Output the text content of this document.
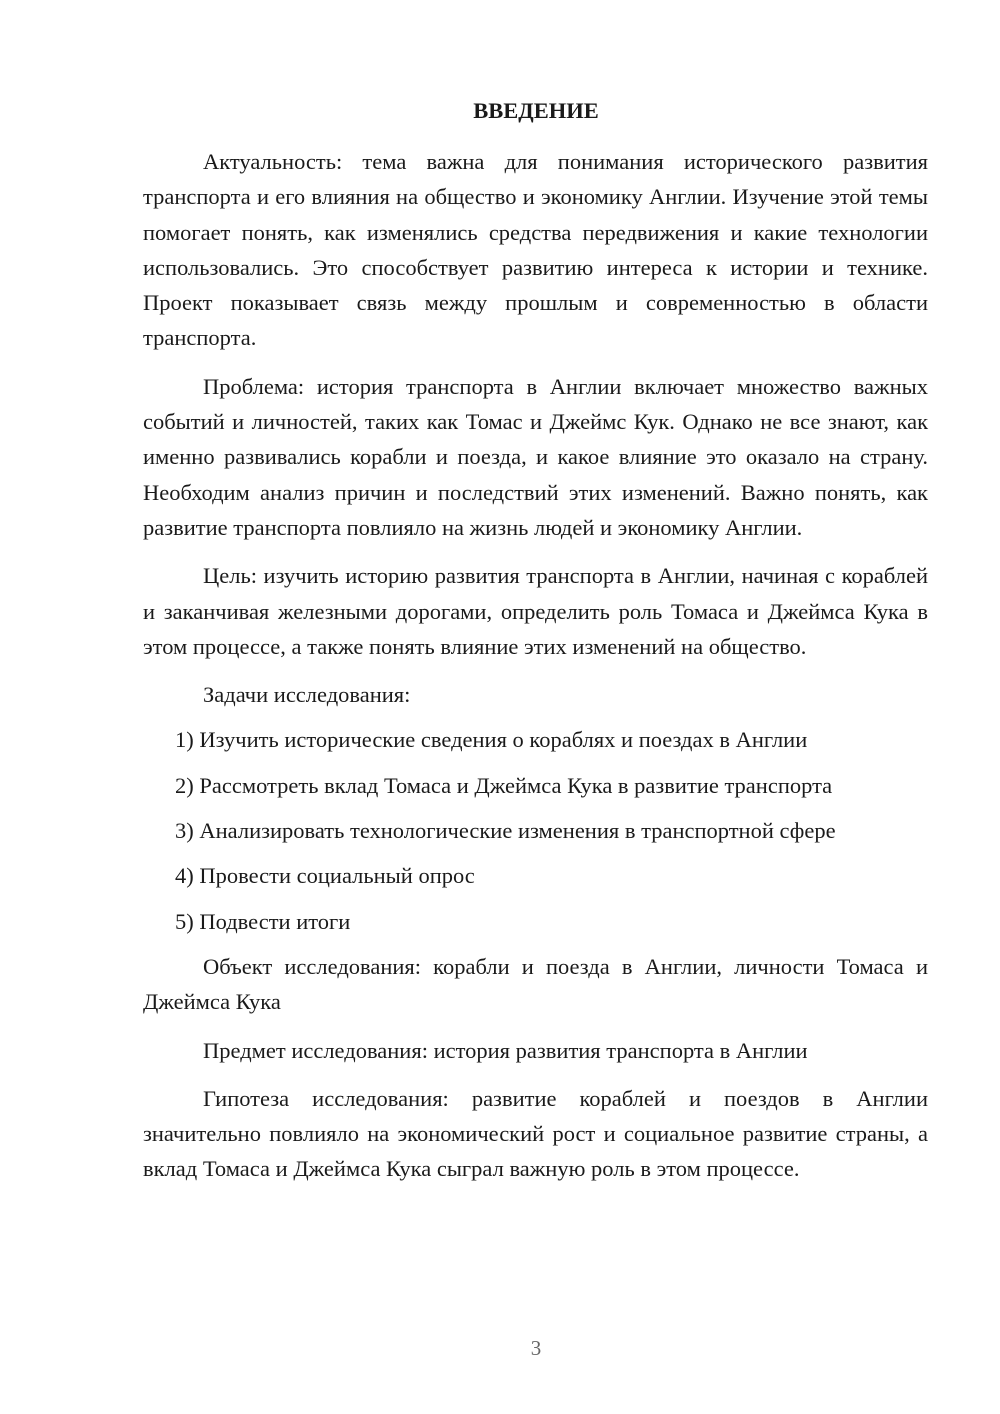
ВВЕДЕНИЕ

Актуальность: тема важна для понимания исторического развития транспорта и его влияния на общество и экономику Англии. Изучение этой темы помогает понять, как изменялись средства передвижения и какие технологии использовались. Это способствует развитию интереса к истории и технике. Проект показывает связь между прошлым и современностью в области транспорта.

Проблема: история транспорта в Англии включает множество важных событий и личностей, таких как Томас и Джеймс Кук. Однако не все знают, как именно развивались корабли и поезда, и какое влияние это оказало на страну. Необходим анализ причин и последствий этих изменений. Важно понять, как развитие транспорта повлияло на жизнь людей и экономику Англии.

Цель: изучить историю развития транспорта в Англии, начиная с кораблей и заканчивая железными дорогами, определить роль Томаса и Джеймса Кука в этом процессе, а также понять влияние этих изменений на общество.

Задачи исследования:

1) Изучить исторические сведения о кораблях и поездах в Англии

2) Рассмотреть вклад Томаса и Джеймса Кука в развитие транспорта

3) Анализировать технологические изменения в транспортной сфере

4) Провести социальный опрос

5) Подвести итоги

Объект исследования: корабли и поезда в Англии, личности Томаса и Джеймса Кука

Предмет исследования: история развития транспорта в Англии

Гипотеза исследования: развитие кораблей и поездов в Англии значительно повлияло на экономический рост и социальное развитие страны, а вклад Томаса и Джеймса Кука сыграл важную роль в этом процессе.

3
